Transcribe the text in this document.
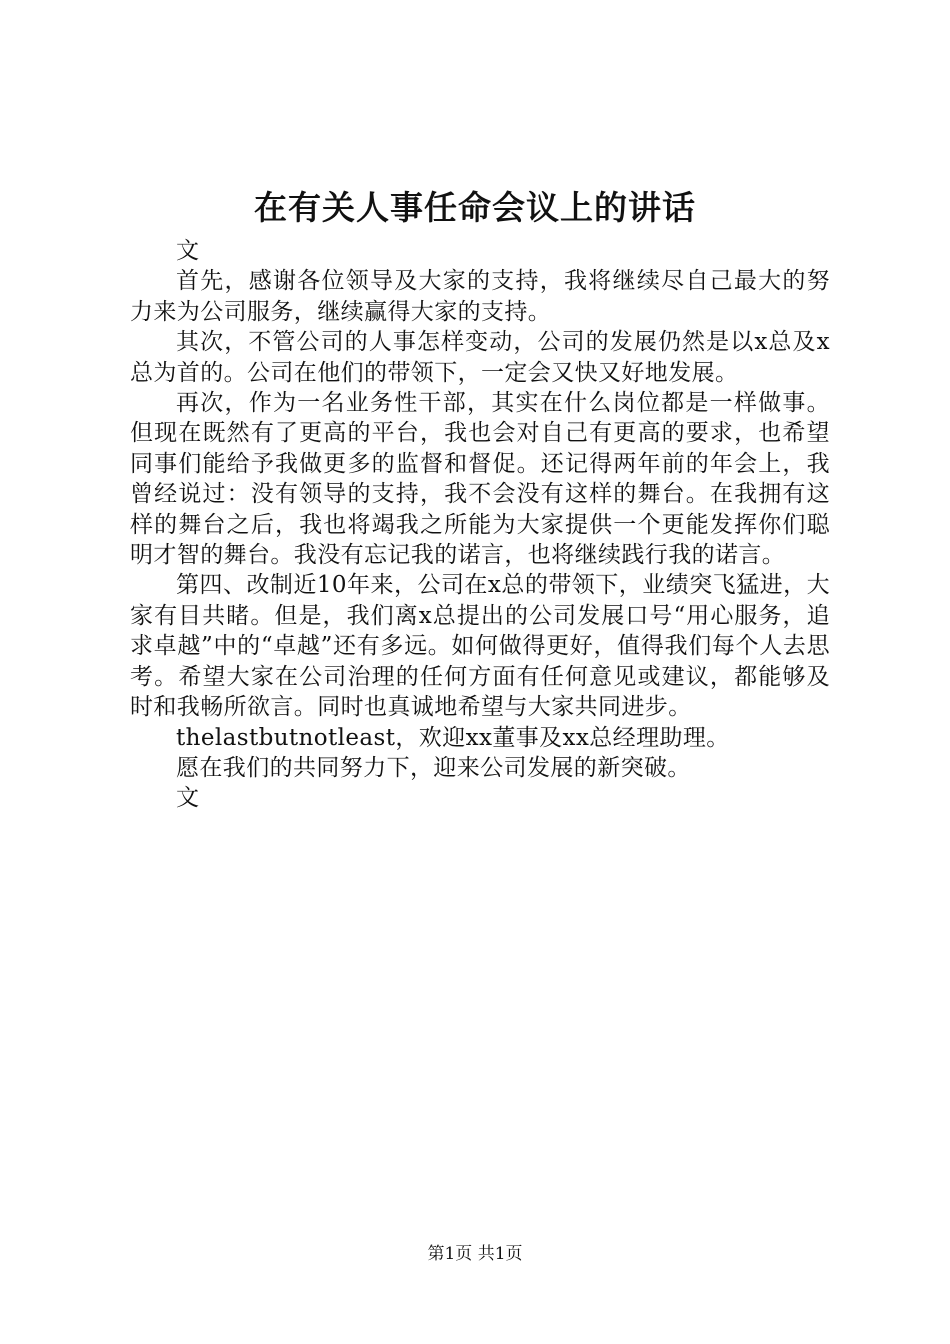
在有关人事任命会议上的讲话

文

首先，感谢各位领导及大家的支持，我将继续尽自己最大的努力来为公司服务，继续赢得大家的支持。

其次，不管公司的人事怎样变动，公司的发展仍然是以x总及x总为首的。公司在他们的带领下，一定会又快又好地发展。

再次，作为一名业务性干部，其实在什么岗位都是一样做事。但现在既然有了更高的平台，我也会对自己有更高的要求，也希望同事们能给予我做更多的监督和督促。还记得两年前的年会上，我曾经说过：没有领导的支持，我不会没有这样的舞台。在我拥有这样的舞台之后，我也将竭我之所能为大家提供一个更能发挥你们聪明才智的舞台。我没有忘记我的诺言，也将继续践行我的诺言。

第四、改制近10年来，公司在x总的带领下，业绩突飞猛进，大家有目共睹。但是，我们离x总提出的公司发展口号“用心服务，追求卓越”中的“卓越”还有多远。如何做得更好，值得我们每个人去思考。希望大家在公司治理的任何方面有任何意见或建议，都能够及时和我畅所欲言。同时也真诚地希望与大家共同进步。

thelastbutnotleast，欢迎xx董事及xx总经理助理。

愿在我们的共同努力下，迎来公司发展的新突破。

文

第1页 共1页
